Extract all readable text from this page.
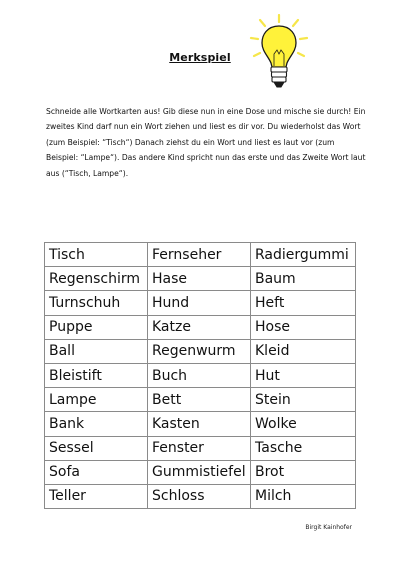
Merkspiel

Schneide alle Wortkarten aus! Gib diese nun in eine Dose und mische sie durch! Ein zweites Kind darf nun ein Wort ziehen und liest es dir vor. Du wiederholst das Wort (zum Beispiel: “Tisch“) Danach ziehst du ein Wort und liest es laut vor (zum Beispiel: “Lampe“). Das andere Kind spricht nun das erste und das Zweite Wort laut aus (“Tisch, Lampe“).

Tisch	Fernseher	Radiergummi
Regenschirm	Hase	Baum
Turnschuh	Hund	Heft
Puppe	Katze	Hose
Ball	Regenwurm	Kleid
Bleistift	Buch	Hut
Lampe	Bett	Stein
Bank	Kasten	Wolke
Sessel	Fenster	Tasche
Sofa	Gummistiefel	Brot
Teller	Schloss	Milch
Birgit Kainhofer
